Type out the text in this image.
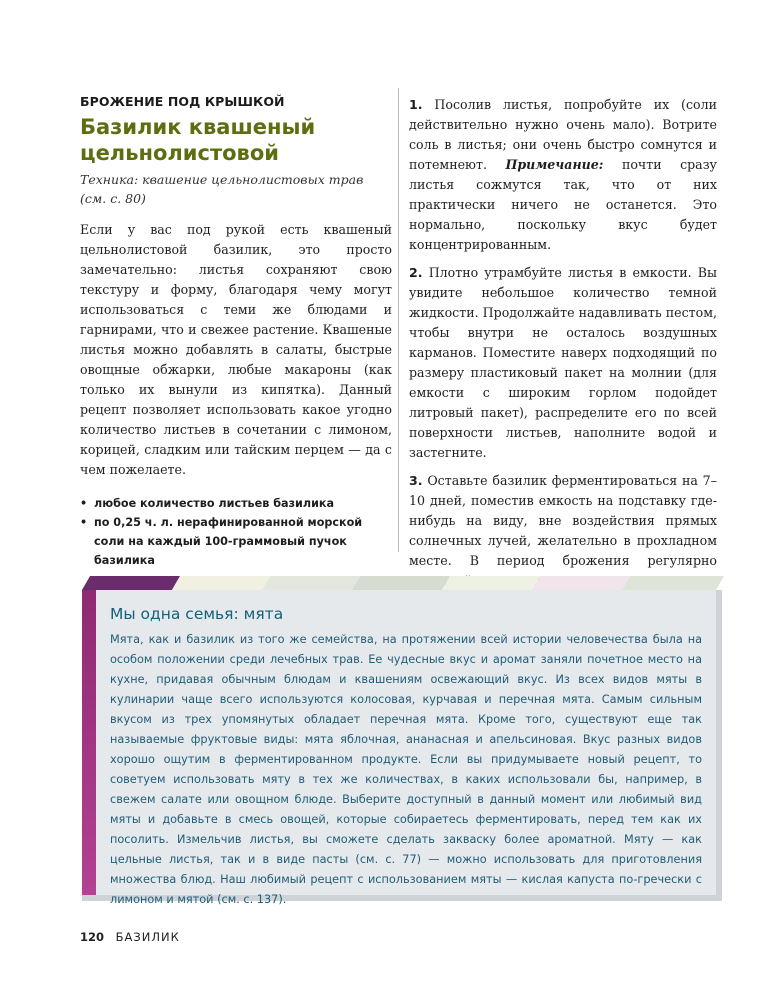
БРОЖЕНИЕ ПОД КРЫШКОЙ

Базилик квашеный цельнолистовой

Техника: квашение цельнолистовых трав (см. с. 80)

Если у вас под рукой есть квашеный цельнолистовой базилик, это просто замечательно: листья сохраняют свою текстуру и форму, благодаря чему могут использоваться с теми же блюдами и гарнирами, что и свежее растение. Квашеные листья можно добавлять в салаты, быстрые овощные обжарки, любые макароны (как только их вынули из кипятка). Данный рецепт позволяет использовать какое угодно количество листьев в сочетании с лимоном, корицей, сладким или тайским перцем — да с чем пожелаете.

• любое количество листьев базилика
• по 0,25 ч. л. нерафинированной морской соли на каждый 100-граммовый пучок базилика

1. Посолив листья, попробуйте их (соли действительно нужно очень мало). Вотрите соль в листья; они очень быстро сомнутся и потемнеют. Примечание: почти сразу листья сожмутся так, что от них практически ничего не останется. Это нормально, поскольку вкус будет концентрированным.

2. Плотно утрамбуйте листья в емкости. Вы увидите небольшое количество темной жидкости. Продолжайте надавливать пестом, чтобы внутри не осталось воздушных карманов. Поместите наверх подходящий по размеру пластиковый пакет на молнии (для емкости с широким горлом подойдет литровый пакет), распределите его по всей поверхности листьев, наполните водой и застегните.

3. Оставьте базилик ферментироваться на 7–10 дней, поместив емкость на подставку где-нибудь на виду, вне воздействия прямых солнечных лучей, желательно в прохладном месте. В период брожения регулярно

Мы одна семья: мята

Мята, как и базилик из того же семейства, на протяжении всей истории человечества была на особом положении среди лечебных трав. Ее чудесные вкус и аромат заняли почетное место на кухне, придавая обычным блюдам и квашениям освежающий вкус. Из всех видов мяты в кулинарии чаще всего используются колосовая, курчавая и перечная мята. Самым сильным вкусом из трех упомянутых обладает перечная мята. Кроме того, существуют еще так называемые фруктовые виды: мята яблочная, ананасная и апельсиновая. Вкус разных видов хорошо ощутим в ферментированном продукте. Если вы придумываете новый рецепт, то советуем использовать мяту в тех же количествах, в каких использовали бы, например, в свежем салате или овощном блюде. Выберите доступный в данный момент или любимый вид мяты и добавьте в смесь овощей, которые собираетесь ферментировать, перед тем как их посолить. Измельчив листья, вы сможете сделать закваску более ароматной. Мяту — как цельные листья, так и в виде пасты (см. с. 77) — можно использовать для приготовления множества блюд. Наш любимый рецепт с использованием мяты — кислая капуста по-гречески с лимоном и мятой (см. с. 137).

120 БАЗИЛИК
